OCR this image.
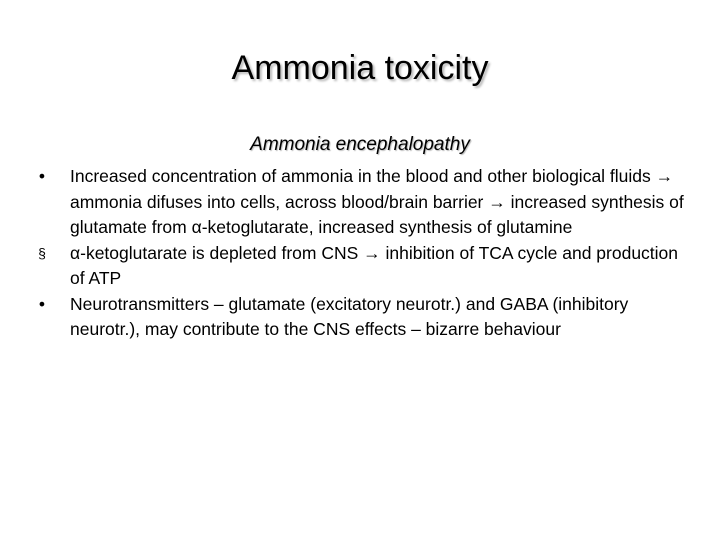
Ammonia toxicity
Ammonia encephalopathy
•	Increased concentration of ammonia in the blood and other biological fluids → ammonia difuses into cells, across blood/brain barrier → increased synthesis of glutamate from α-ketoglutarate, increased synthesis of glutamine
§	α-ketoglutarate is depleted from CNS → inhibition of TCA cycle and production of ATP
•	Neurotransmitters – glutamate (excitatory neurotr.) and GABA (inhibitory neurotr.), may contribute to the CNS effects – bizarre behaviour
